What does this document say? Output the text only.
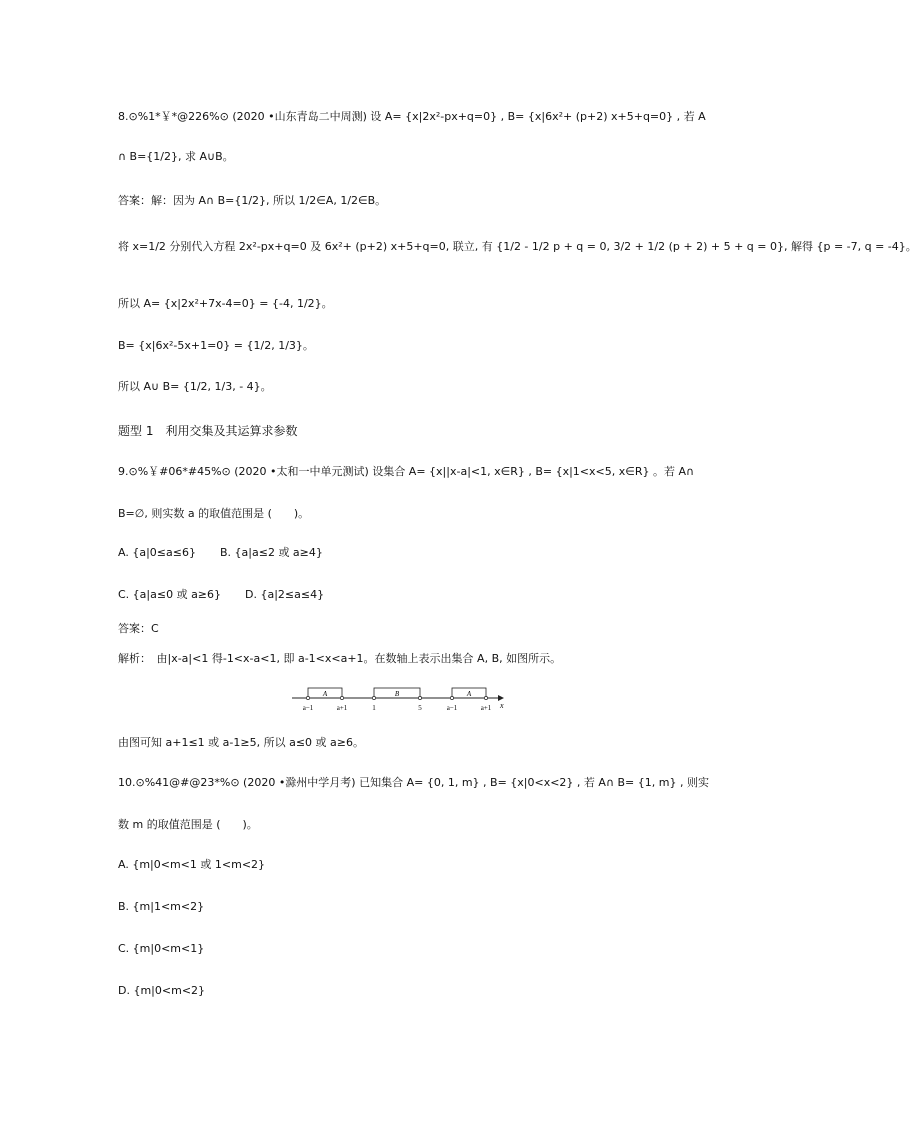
8.⊙%1*￥*@226%⊙ (2020 •山东青岛二中周测) 设 A= {x|2x²-px+q=0} , B= {x|6x²+ (p+2) x+5+q=0} , 若 A
∩ B={1/2}, 求 A∪B。
答案：解：因为 A∩ B={1/2}, 所以 1/2∈A, 1/2∈B。
将 x=1/2 分别代入方程 2x²-px+q=0 及 6x²+ (p+2) x+5+q=0, 联立, 有 {1/2 - 1/2 p + q = 0, 3/2 + 1/2 (p + 2) + 5 + q = 0}, 解得 {p = -7, q = -4}。
所以 A= {x|2x²+7x-4=0} = {-4, 1/2}。
B= {x|6x²-5x+1=0} = {1/2, 1/3}。
所以 A∪ B= {1/2, 1/3, - 4}。
题型 1　利用交集及其运算求参数
9.⊙%￥#06*#45%⊙ (2020 •太和一中单元测试) 设集合 A= {x||x-a|<1, x∈R} , B= {x|1<x<5, x∈R} 。若 A∩
B=∅, 则实数 a 的取值范围是 (　　)。
A. {a|0≤a≤6} B. {a|a≤2 或 a≥4}
C. {a|a≤0 或 a≥6} D. {a|2≤a≤4}
答案：C
解析：　由|x-a|<1 得-1<x-a<1, 即 a-1<x<a+1。在数轴上表示出集合 A, B, 如图所示。
x
A	B	A
a−1	a+1	1	5	a−1	a+1
由图可知 a+1≤1 或 a-1≥5, 所以 a≤0 或 a≥6。
10.⊙%41@#@23*%⊙ (2020 •滁州中学月考) 已知集合 A= {0, 1, m} , B= {x|0<x<2} , 若 A∩ B= {1, m} , 则实
数 m 的取值范围是 (　　)。
A. {m|0<m<1 或 1<m<2}
B. {m|1<m<2}
C. {m|0<m<1}
D. {m|0<m<2}
